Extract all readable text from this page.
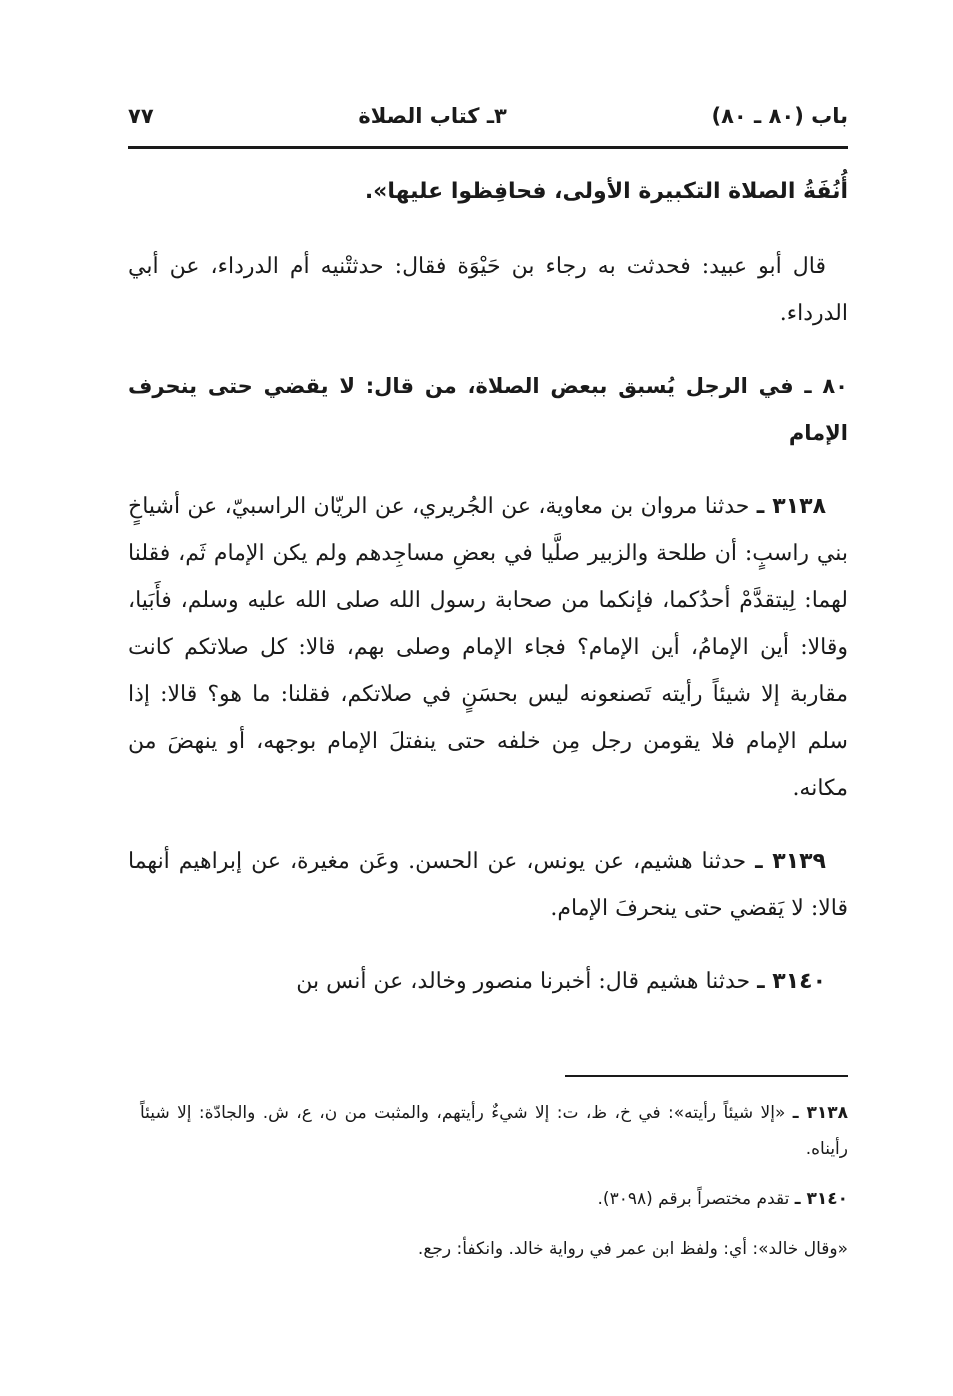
باب (٨٠ ـ ٨٠)
٣ـ كتاب الصلاة
٧٧

أُنُفَةُ الصلاة التكبيرة الأولى، فحافِظوا عليها».

قال أبو عبيد: فحدثت به رجاء بن حَيْوَة فقال: حدثتْنيه أم الدرداء، عن أبي الدرداء.

٨٠ ـ في الرجل يُسبق ببعض الصلاة، من قال: لا يقضي حتى ينحرف الإمام

٣١٣٨ ـ حدثنا مروان بن معاوية، عن الجُريري، عن الريّان الراسبيّ، عن أشياخٍ بني راسبٍ: أن طلحة والزبير صلَّيا في بعضِ مساجِدهم ولم يكن الإمام ثَم، فقلنا لهما: لِيتقدَّمْ أحدُكما، فإنكما من صحابة رسول الله صلى الله عليه وسلم، فأَبَيا، وقالا: أين الإمامُ، أين الإمام؟ فجاء الإمام وصلى بهم، قالا: كل صلاتكم كانت مقاربة إلا شيئاً رأيته تَصنعونه ليس بحسَنٍ في صلاتكم، فقلنا: ما هو؟ قالا: إذا سلم الإمام فلا يقومن رجل مِن خلفه حتى ينفتلَ الإمام بوجهه، أو ينهضَ من مكانه.

٣١٣٩ ـ حدثنا هشيم، عن يونس، عن الحسن. وعَن مغيرة، عن إبراهيم أنهما قالا: لا يَقضي حتى ينحرفَ الإمام.

٣١٤٠ ـ حدثنا هشيم قال: أخبرنا منصور وخالد، عن أنس بن

٣١٣٨ ـ «إلا شيئاً رأيته»: في خ، ظ، ت: إلا شيءٌ رأيتهم، والمثبت من ن، ع، ش. والجادّة: إلا شيئاً رأيناه.

٣١٤٠ ـ تقدم مختصراً برقم (٣٠٩٨).

«وقال خالد»: أي: ولفظ ابن عمر في رواية خالد. وانكفأ: رجع.
